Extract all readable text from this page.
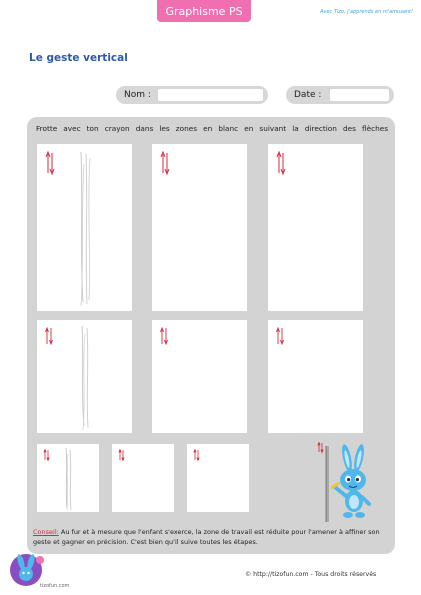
Graphisme PS	Avec Tizo, j'apprends en m'amusant!
Le geste vertical
Nom :	Date :
Frotte avec ton crayon dans les zones en blanc en suivant la direction des flèches
Conseil: Au fur et à mesure que l'enfant s'exerce, la zone de travail est réduite pour l'amener à affiner son geste et gagner en précision. C'est bien qu'il suive toutes les étapes.
tizofun.com
© http://tizofun.com - Tous droits réservés
